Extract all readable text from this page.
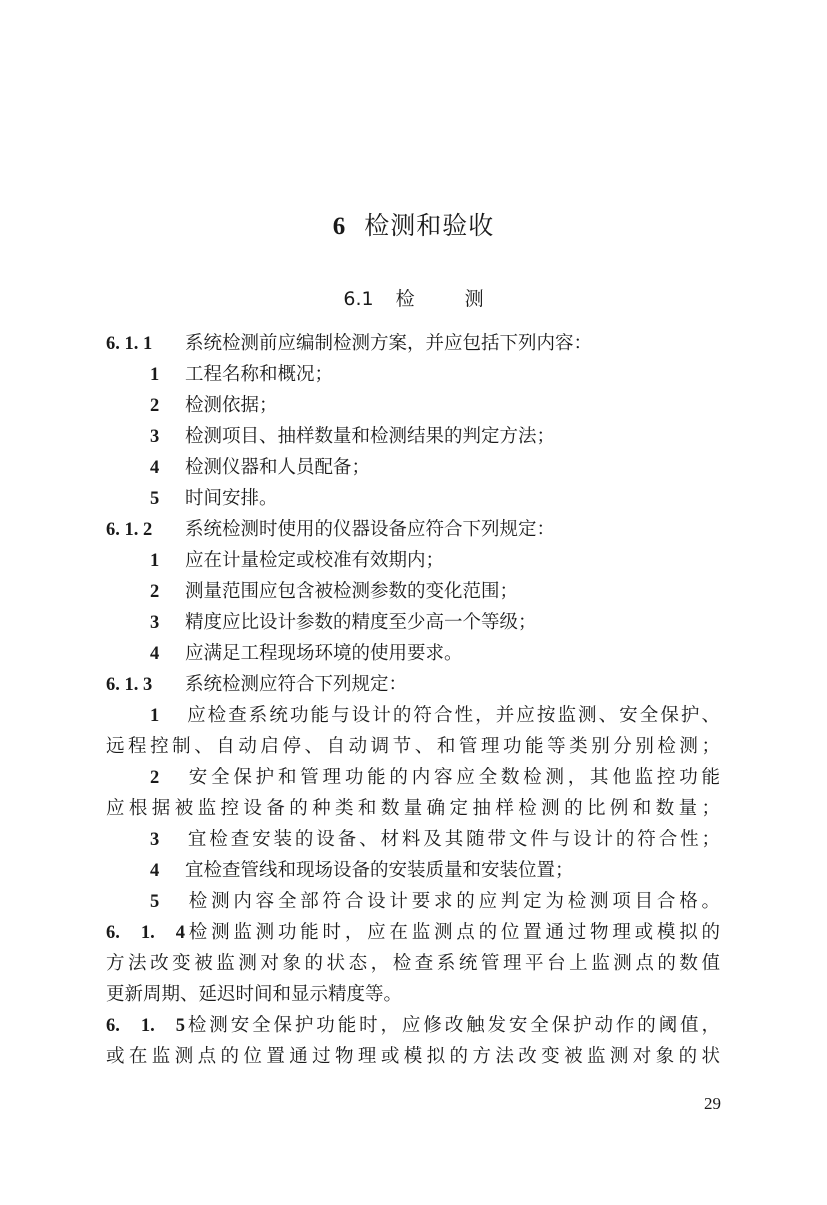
6 检测和验收
6.1 检 测
6. 1. 1 系统检测前应编制检测方案，并应包括下列内容：
1 工程名称和概况；
2 检测依据；
3 检测项目、抽样数量和检测结果的判定方法；
4 检测仪器和人员配备；
5 时间安排。
6. 1. 2 系统检测时使用的仪器设备应符合下列规定：
1 应在计量检定或校准有效期内；
2 测量范围应包含被检测参数的变化范围；
3 精度应比设计参数的精度至少高一个等级；
4 应满足工程现场环境的使用要求。
6. 1. 3 系统检测应符合下列规定：
1 应检查系统功能与设计的符合性，并应按监测、安全保护、
远程控制、自动启停、自动调节、和管理功能等类别分别检测；
2 安全保护和管理功能的内容应全数检测，其他监控功能
应根据被监控设备的种类和数量确定抽样检测的比例和数量；
3 宜检查安装的设备、材料及其随带文件与设计的符合性；
4 宜检查管线和现场设备的安装质量和安装位置；
5 检测内容全部符合设计要求的应判定为检测项目合格。
6. 1. 4检测监测功能时，应在监测点的位置通过物理或模拟的
方法改变被监测对象的状态，检查系统管理平台上监测点的数值
更新周期、延迟时间和显示精度等。
6. 1. 5检测安全保护功能时，应修改触发安全保护动作的阈值，
或在监测点的位置通过物理或模拟的方法改变被监测对象的状
29
